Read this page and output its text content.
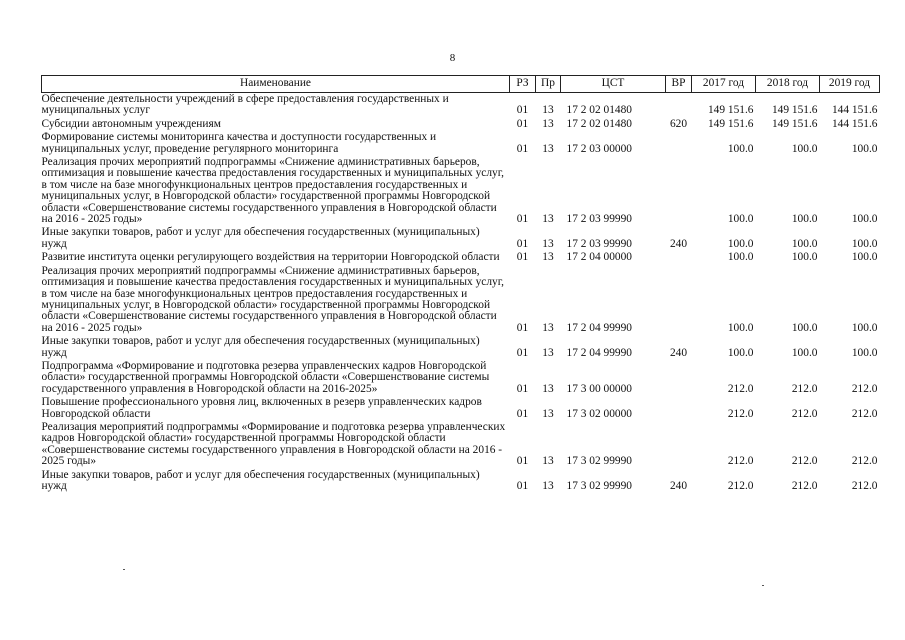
8
Наименование	РЗ	Пр	ЦСТ	ВР	2017 год	2018 год	2019 год
Обеспечение деятельности учреждений в сфере предоставления государственных и муниципальных услуг	01	13	17 2 02 01480		149 151.6	149 151.6	144 151.6
Субсидии автономным учреждениям	01	13	17 2 02 01480	620	149 151.6	149 151.6	144 151.6
Формирование системы мониторинга качества и доступности государственных и муниципальных услуг, проведение регулярного мониторинга	01	13	17 2 03 00000		100.0	100.0	100.0
Реализация прочих мероприятий подпрограммы «Снижение административных барьеров, оптимизация и повышение качества предоставления государственных и муниципальных услуг, в том числе на базе многофункциональных центров предоставления государственных и муниципальных услуг, в Новгородской области» государственной программы Новгородской области «Совершенствование системы государственного управления в Новгородской области на 2016 - 2025 годы»	01	13	17 2 03 99990		100.0	100.0	100.0
Иные закупки товаров, работ и услуг для обеспечения государственных (муниципальных) нужд	01	13	17 2 03 99990	240	100.0	100.0	100.0
Развитие института оценки регулирующего воздействия на территории Новгородской области	01	13	17 2 04 00000		100.0	100.0	100.0
Реализация прочих мероприятий подпрограммы «Снижение административных барьеров, оптимизация и повышение качества предоставления государственных и муниципальных услуг, в том числе на базе многофункциональных центров предоставления государственных и муниципальных услуг, в Новгородской области» государственной программы Новгородской области «Совершенствование системы государственного управления в Новгородской области на 2016 - 2025 годы»	01	13	17 2 04 99990		100.0	100.0	100.0
Иные закупки товаров, работ и услуг для обеспечения государственных (муниципальных) нужд	01	13	17 2 04 99990	240	100.0	100.0	100.0
Подпрограмма «Формирование и подготовка резерва управленческих кадров Новгородской области» государственной программы Новгородской области «Совершенствование системы государственного управления в Новгородской области на 2016-2025»	01	13	17 3 00 00000		212.0	212.0	212.0
Повышение профессионального уровня лиц, включенных в резерв управленческих кадров Новгородской области	01	13	17 3 02 00000		212.0	212.0	212.0
Реализация мероприятий подпрограммы «Формирование и подготовка резерва управленческих кадров Новгородской области» государственной программы Новгородской области «Совершенствование системы государственного управления в Новгородской области на 2016 - 2025 годы»	01	13	17 3 02 99990		212.0	212.0	212.0
Иные закупки товаров, работ и услуг для обеспечения государственных (муниципальных) нужд	01	13	17 3 02 99990	240	212.0	212.0	212.0
